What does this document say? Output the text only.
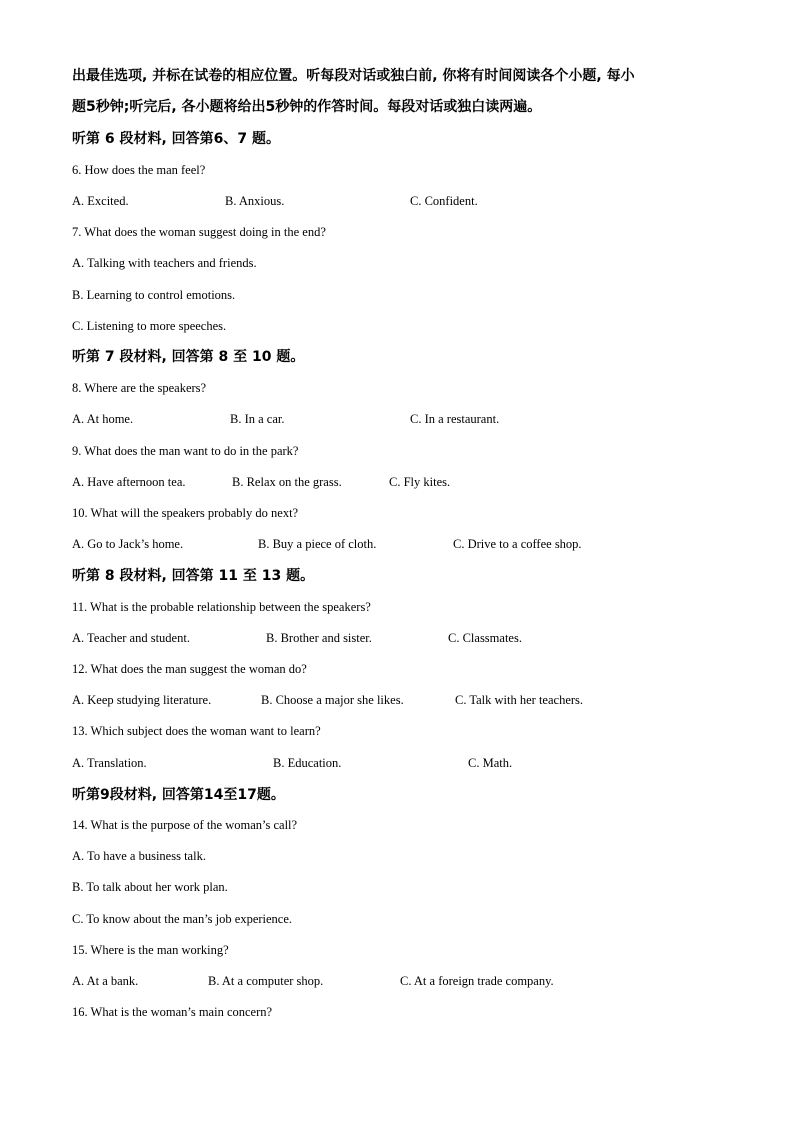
出最佳选项, 并标在试卷的相应位置。听每段对话或独白前, 你将有时间阅读各个小题, 每小
题5秒钟;听完后, 各小题将给出5秒钟的作答时间。每段对话或独白读两遍。
听第 6 段材料, 回答第6、7 题。
6. How does the man feel?
A. Excited.	B. Anxious.	C. Confident.
7. What does the woman suggest doing in the end?
A. Talking with teachers and friends.
B. Learning to control emotions.
C. Listening to more speeches.
听第 7 段材料, 回答第 8 至 10 题。
8. Where are the speakers?
A. At home.	B. In a car.	C. In a restaurant.
9. What does the man want to do in the park?
A. Have afternoon tea.	B. Relax on the grass.	C. Fly kites.
10. What will the speakers probably do next?
A. Go to Jack’s home.	B. Buy a piece of cloth.	C. Drive to a coffee shop.
听第 8 段材料, 回答第 11 至 13 题。
11. What is the probable relationship between the speakers?
A. Teacher and student.	B. Brother and sister.	C. Classmates.
12. What does the man suggest the woman do?
A. Keep studying literature.	B. Choose a major she likes.	C. Talk with her teachers.
13. Which subject does the woman want to learn?
A. Translation.	B. Education.	C. Math.
听第9段材料, 回答第14至17题。
14. What is the purpose of the woman’s call?
A. To have a business talk.
B. To talk about her work plan.
C. To know about the man’s job experience.
15. Where is the man working?
A. At a bank.	B. At a computer shop.	C. At a foreign trade company.
16. What is the woman’s main concern?
